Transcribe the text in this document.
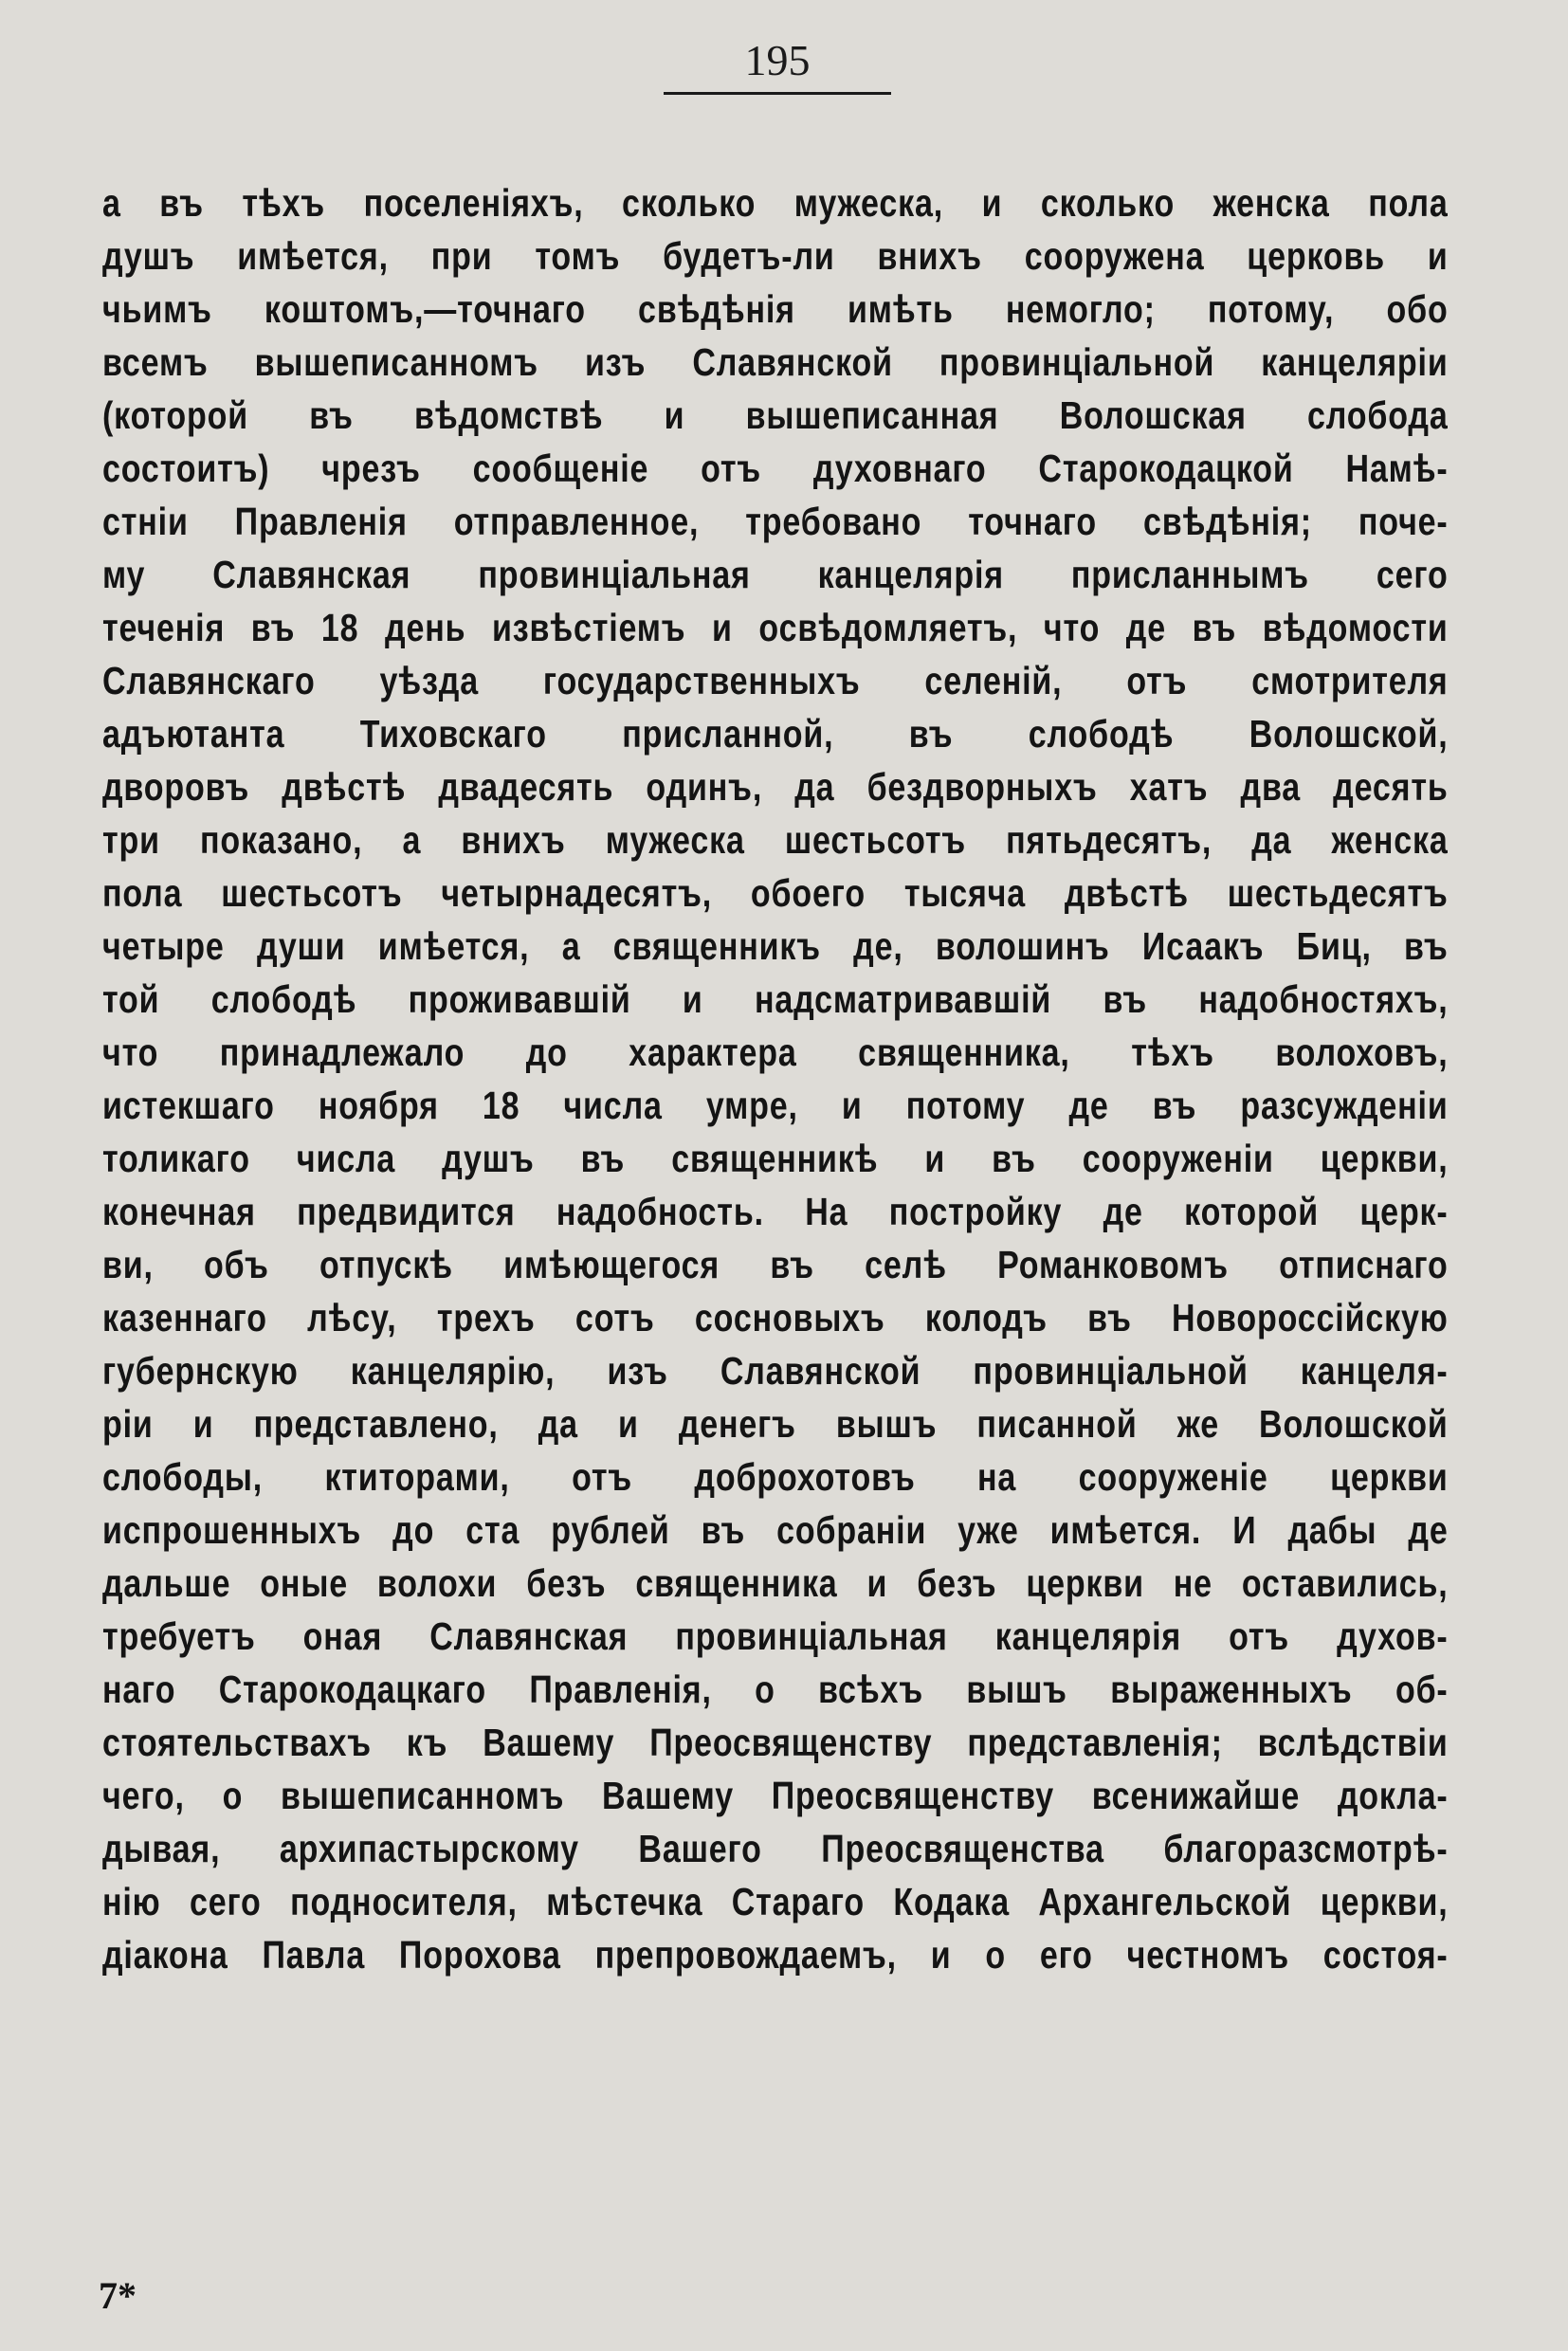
195
а въ тѣхъ поселеніяхъ, сколько мужеска, и сколько женска пола
душъ имѣется, при томъ будетъ-ли внихъ сооружена церковь и
чьимъ коштомъ,—точнаго свѣдѣнія имѣть немогло; потому, обо
всемъ вышеписанномъ изъ Славянской провинціальной канцеляріи
(которой въ вѣдомствѣ и вышеписанная Волошская слобода
состоитъ) чрезъ сообщеніе отъ духовнаго Старокодацкой Намѣ-
стніи Правленія отправленное, требовано точнаго свѣдѣнія; поче-
му Славянская провинціальная канцелярія присланнымъ сего
теченія въ 18 день извѣстіемъ и освѣдомляетъ, что де въ вѣдомости
Славянскаго уѣзда государственныхъ селеній, отъ смотрителя
адъютанта Тиховскаго присланной, въ слободѣ Волошской,
дворовъ двѣстѣ двадесять одинъ, да бездворныхъ хатъ два десять
три показано, а внихъ мужеска шестьсотъ пятьдесятъ, да женска
пола шестьсотъ четырнадесятъ, обоего тысяча двѣстѣ шестьдесятъ
четыре души имѣется, а священникъ де, волошинъ Исаакъ Биц, въ
той слободѣ проживавшій и надсматривавшій въ надобностяхъ,
что принадлежало до характера священника, тѣхъ волоховъ,
истекшаго ноября 18 числа умре, и потому де въ разсужденіи
толикаго числа душъ въ священникѣ и въ сооруженіи церкви,
конечная предвидится надобность. На постройку де которой церк-
ви, объ отпускѣ имѣющегося въ селѣ Романковомъ отписнаго
казеннаго лѣсу, трехъ сотъ сосновыхъ колодъ въ Новороссійскую
губернскую канцелярію, изъ Славянской провинціальной канцеля-
ріи и представлено, да и денегъ вышъ писанной же Волошской
слободы, ктиторами, отъ доброхотовъ на сооруженіе церкви
испрошенныхъ до ста рублей въ собраніи уже имѣется. И дабы де
дальше оные волохи безъ священника и безъ церкви не оставились,
требуетъ оная Славянская провинціальная канцелярія отъ духов-
наго Старокодацкаго Правленія, о всѣхъ вышъ выраженныхъ об-
стоятельствахъ къ Вашему Преосвященству представленія; вслѣдствіи
чего, о вышеписанномъ Вашему Преосвященству всенижайше докла-
дывая, архипастырскому Вашего Преосвященства благоразсмотрѣ-
нію сего подносителя, мѣстечка Стараго Кодака Архангельской церкви,
діакона Павла Порохова препровождаемъ, и о его честномъ состоя-
7*
